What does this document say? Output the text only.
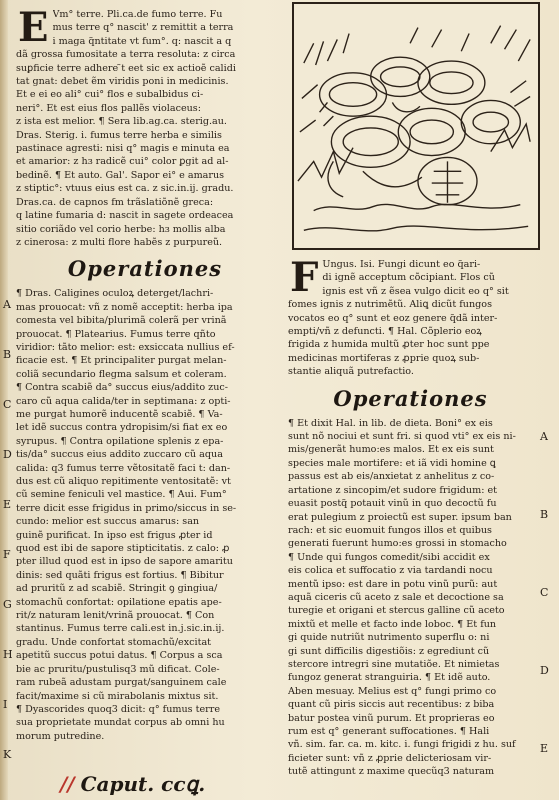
E Vm° terre. Pli.ca.de fumo terre. Fu

mus terre q° nascit' z remittit a terra

i maga q̃ntitate vt fum°. q: nascit a q

dã grossa fumositate a terra resoluta: z circa

suꝑficie terre adhere ̃t eet sic ex actioẽ calidi

tat gnat: debet ẽm viridis poni in medicinis.

Et e ei eo ali° cui° flos e subalbidus ci-

neri°. Et est eius flos pallẽs violaceus:

z ista est melior. ¶ Sera lib.ag.ca. sterig.au.

Dras. Sterig. i. fumus terre herba e similis

pastinace agresti: nisi q° magis e minuta ea

et amarior: z hɜ radicẽ cui° color ꝑgit ad al-

bedinẽ. ¶ Et auto. Gal'. Sapor ei° e amarus

z stiptic°: vtuus eius est ca. z sic.in.ij. gradu.

Dras.ca. de capnos fm trãslatiõnẽ greca:

q latine fumaria d: nascit in sagete ordeacea

sitio coriãdo vel corio herbe: hɜ mollis alba

z cinerosa: z multi flore habẽs z purpureũ.

Operationes

¶ Dras. Caligines oculoꝝ deterget/lachri-

mas prouocat: vñ z nomẽ acceptit: herba ipa

comesta vel bibita/plurimã colerã per vrinã

prouocat. ¶ Platearius. Fumus terre qñto

viridior: tãto melior: est: exsiccata nullius ef-

ficacie est. ¶ Et principaliter purgat melan-

coliã secundario flegma salsum et coleram.

¶ Contra scabiẽ da° succus eius/addito zuc-

caro cũ aqua calida/ter in septimana: z opti-

me purgat humorẽ inducentẽ scabiẽ. ¶ Va-

let idẽ succus contra ydropisim/si fiat ex eo

syrupus. ¶ Contra opilatione splenis z epa-

tis/da° succus eius addito zuccaro cũ aqua

calida: q3 fumus terre vẽtositatẽ faci t: dan-

dus est cũ aliquo repitimente ventositatẽ: vt

cũ semine feniculi vel mastice. ¶ Aui. Fum°

terre dicit esse frigidus in primo/siccus in se-

cundo: melior est succus amarus: san

guinẽ purificat. In ipso est frigus ꝓter id

quod est ibi de sapore stipticitatis. z calo: ꝓ

pter illud quod est in ipso de sapore amaritu

dinis: sed quãti frigus est fortius. ¶ Bibitur

ad pruritũ z ad scabiẽ. Stringit ꝯ gingiua/

stomachũ confortat: opilatione epatis ape-

rit/z naturam lenit/vrinã prouocat. ¶ Con

stantinus. Fumus terre cali.est in.j.sic.in.ij.

gradu. Unde confortat stomachũ/excitat

apetitũ succus potui datus. ¶ Corpus a sca

bie ac pruritu/pustulisq3 mũ dificat. Cole-

ram rubeã adustam purgat/sanguinem cale

facit/maxime si cũ mirabolanis mixtus sit.

¶ Dyascorides quoq3 dicit: q° fumus terre

sua proprietate mundat corpus ab omni hu

morum putredine.

// Caput. ccꝗ.
F Ungus. Isi. Fungi dicunt eo q̃ari-

di ignẽ acceptum cõcipiant. Flos cũ

ignis est vñ z ẽsea vulgo dicit eo q° sit

fomes ignis z nutrimẽtũ. Aliꝗ dicũt fungos

vocatos eo q° sunt et eoz genere q̃dã inter-

empti/vñ z defuncti. ¶ Hal. Cõplerio eoꝝ

frigida z humida multũ ꝓter hoc sunt ppe

medicinas mortiferas z ꝓprie quoꝝ sub-

stantie aliquã putrefactio.

Operationes

¶ Et dixit Hal. in lib. de dieta. Boni° ex eis

sunt nõ nociui et sunt fri. si quod vti° ex eis ni-

mis/generãt humo:es malos. Et ex eis sunt

species male mortifere: et iã vidi homine ꝗ

passus est ab eis/anxietat z anhelitus z co-

artatione z sincopim/et sudore frigidum: et

euasit postq̃ potauit vinũ in quo decoctũ fu

erat pulegium z proiectũ est super. ipsum ban

rach: et sic euomuit fungos illos et quibus

generati fuerunt humo:es grossi in stomacho

¶ Unde qui fungos comedit/sibi accidit ex

eis colica et suffocatio z via tardandi nocu

mentũ ipso: est dare in potu vinũ purũ: aut

aquã ciceris cũ aceto z sale et decoctione sa

turegie et origani et stercus galline cũ aceto

mixtũ et melle et facto inde loboc. ¶ Et fun

gi quide nutriũt nutrimento superflu o: ni

gi sunt difficilis digestiõis: z egrediunt cũ

stercore intregri sine mutatiõe. Et nimietas

fungoz generat stranguiria. ¶ Et idẽ auto.

Aben mesuay. Melius est q° fungi primo co

quant cũ piris siccis aut recentibus: z biba

batur postea vinũ purum. Et proprieras eo

rum est q° generant suffocationes. ¶ Hali

vñ. sim. far. ca. m. kitc. i. fungi frigidi z hu. suf

ficieter sunt: vñ z ꝓprie delicteriosam vir-

tutẽ attingunt z maxime quecũq3 naturam

A
B
C
D
E
F
G
H
I
K
A
B
C
D
E
